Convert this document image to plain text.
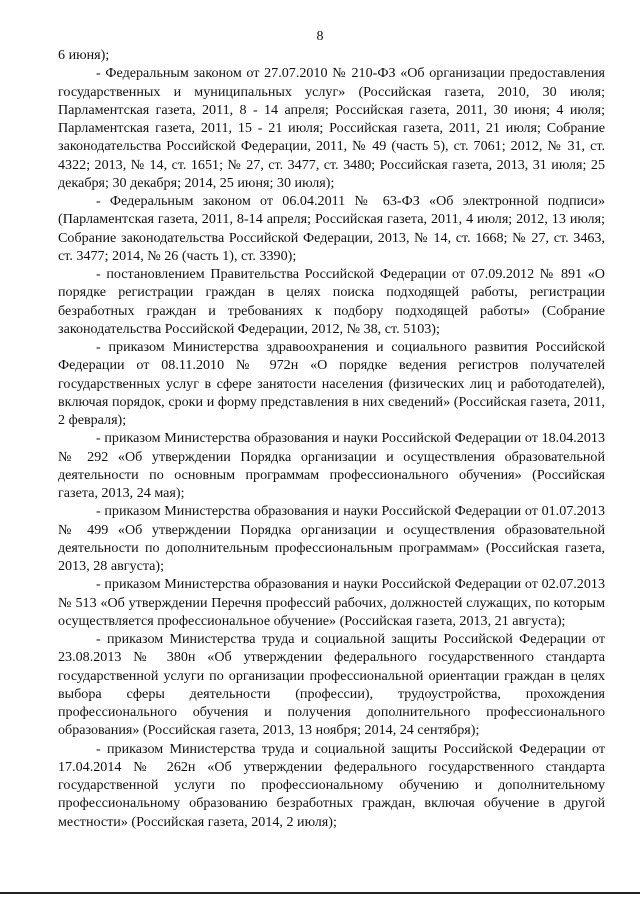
8

6 июня);

- Федеральным законом от 27.07.2010 № 210-ФЗ «Об организации предоставления государственных и муниципальных услуг» (Российская газета, 2010, 30 июля; Парламентская газета, 2011, 8 - 14 апреля; Российская газета, 2011, 30 июня; 4 июля; Парламентская газета, 2011, 15 - 21 июля; Российская газета, 2011, 21 июля; Собрание законодательства Российской Федерации, 2011, № 49 (часть 5), ст. 7061; 2012, № 31, ст. 4322; 2013, № 14, ст. 1651; № 27, ст. 3477, ст. 3480; Российская газета, 2013, 31 июля; 25 декабря; 30 декабря; 2014, 25 июня; 30 июля);

- Федеральным законом от 06.04.2011 № 63-ФЗ «Об электронной подписи» (Парламентская газета, 2011, 8-14 апреля; Российская газета, 2011, 4 июля; 2012, 13 июля; Собрание законодательства Российской Федерации, 2013, № 14, ст. 1668; № 27, ст. 3463, ст. 3477; 2014, № 26 (часть 1), ст. 3390);

- постановлением Правительства Российской Федерации от 07.09.2012 № 891 «О порядке регистрации граждан в целях поиска подходящей работы, регистрации безработных граждан и требованиях к подбору подходящей работы» (Собрание законодательства Российской Федерации, 2012, № 38, ст. 5103);

- приказом Министерства здравоохранения и социального развития Российской Федерации от 08.11.2010 № 972н «О порядке ведения регистров получателей государственных услуг в сфере занятости населения (физических лиц и работодателей), включая порядок, сроки и форму представления в них сведений» (Российская газета, 2011, 2 февраля);

- приказом Министерства образования и науки Российской Федерации от 18.04.2013 № 292 «Об утверждении Порядка организации и осуществления образовательной деятельности по основным программам профессионального обучения» (Российская газета, 2013, 24 мая);

- приказом Министерства образования и науки Российской Федерации от 01.07.2013 № 499 «Об утверждении Порядка организации и осуществления образовательной деятельности по дополнительным профессиональным программам» (Российская газета, 2013, 28 августа);

- приказом Министерства образования и науки Российской Федерации от 02.07.2013 № 513 «Об утверждении Перечня профессий рабочих, должностей служащих, по которым осуществляется профессиональное обучение» (Российская газета, 2013, 21 августа);

- приказом Министерства труда и социальной защиты Российской Федерации от 23.08.2013 № 380н «Об утверждении федерального государственного стандарта государственной услуги по организации профессиональной ориентации граждан в целях выбора сферы деятельности (профессии), трудоустройства, прохождения профессионального обучения и получения дополнительного профессионального образования» (Российская газета, 2013, 13 ноября; 2014, 24 сентября);

- приказом Министерства труда и социальной защиты Российской Федерации от 17.04.2014 № 262н «Об утверждении федерального государственного стандарта государственной услуги по профессиональному обучению и дополнительному профессиональному образованию безработных граждан, включая обучение в другой местности» (Российская газета, 2014, 2 июля);
